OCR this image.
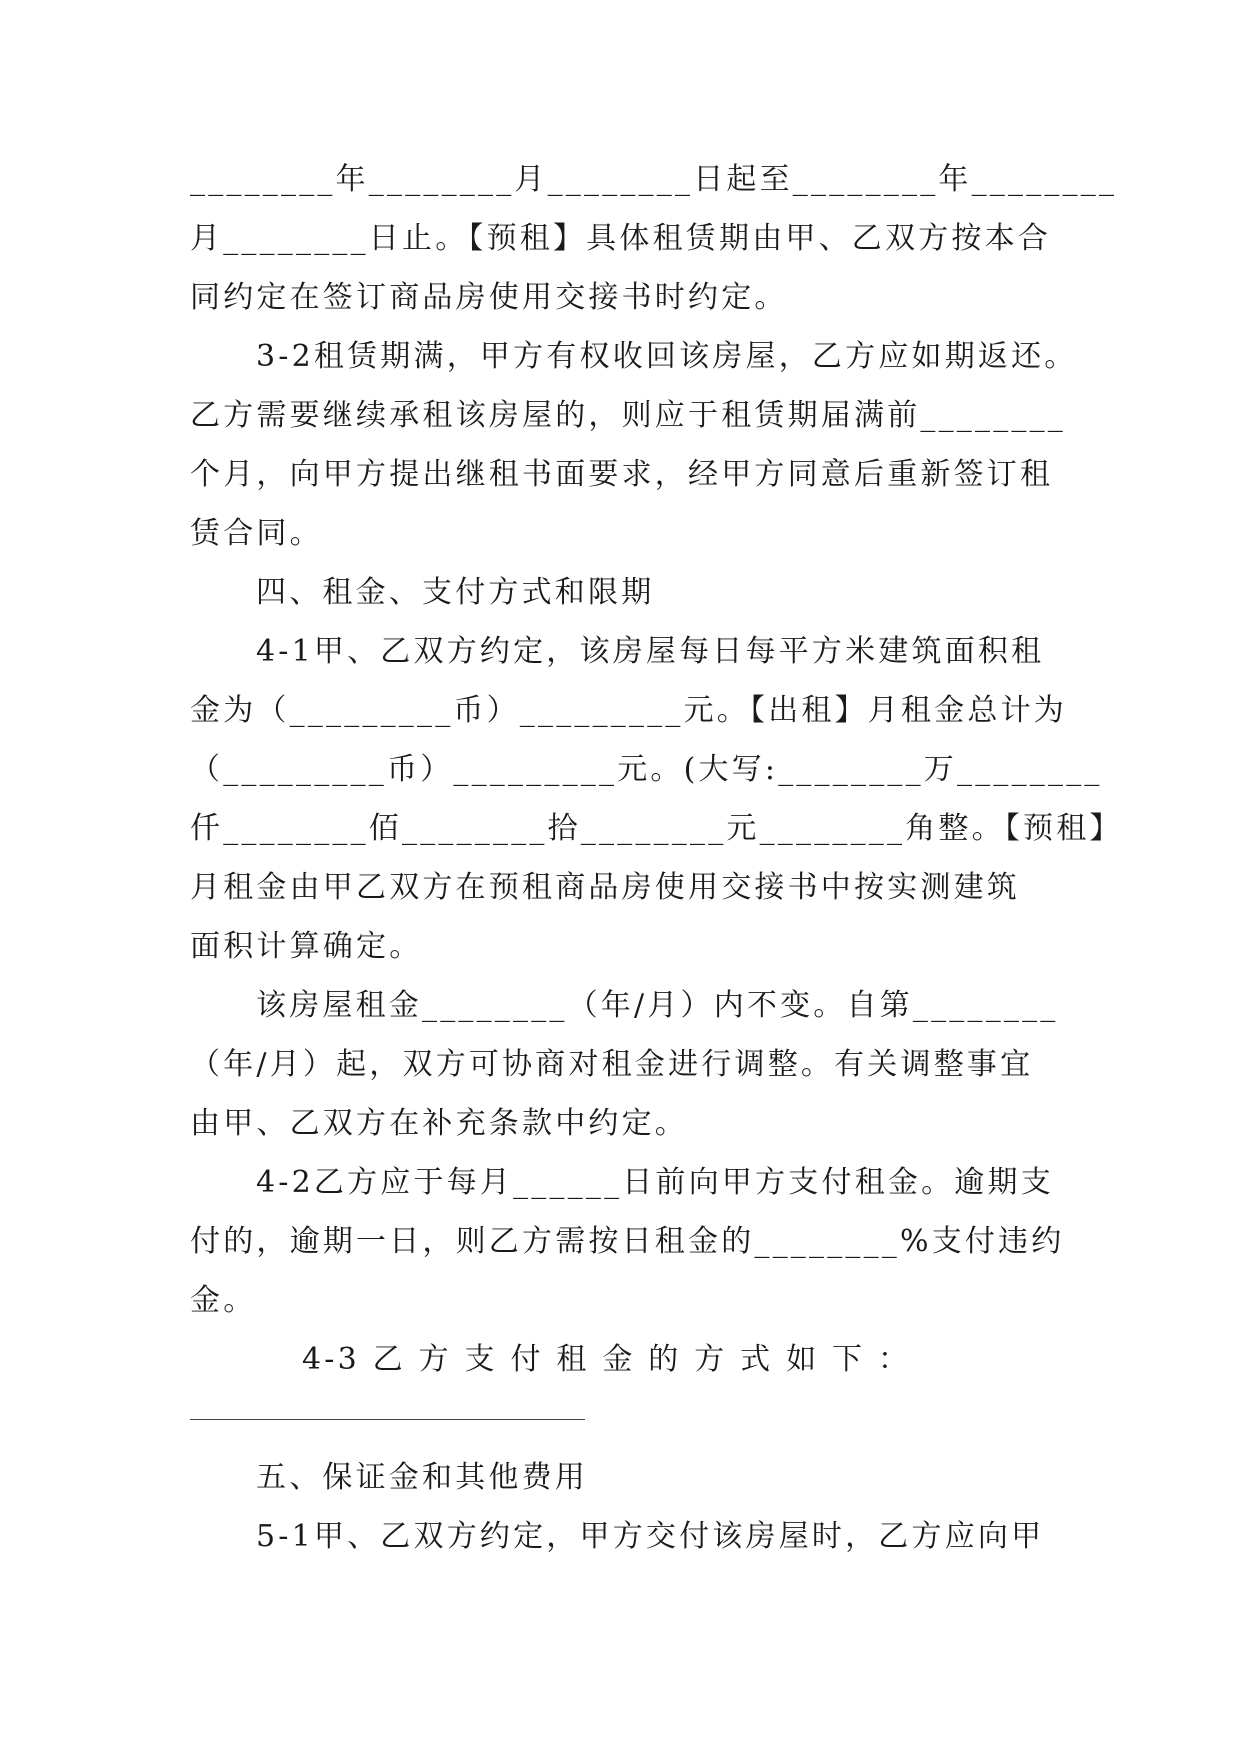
________年________月________日起至________年________
月________日止。【预租】具体租赁期由甲、乙双方按本合
同约定在签订商品房使用交接书时约定。
3-2租赁期满，甲方有权收回该房屋，乙方应如期返还。
乙方需要继续承租该房屋的，则应于租赁期届满前________
个月，向甲方提出继租书面要求，经甲方同意后重新签订租
赁合同。
四、租金、支付方式和限期
4-1甲、乙双方约定，该房屋每日每平方米建筑面积租
金为（_________币）_________元。【出租】月租金总计为
（_________币）_________元。(大写:________万________
仟________佰________拾________元________角整。【预租】
月租金由甲乙双方在预租商品房使用交接书中按实测建筑
面积计算确定。
该房屋租金________（年/月）内不变。自第________
（年/月）起，双方可协商对租金进行调整。有关调整事宜
由甲、乙双方在补充条款中约定。
4-2乙方应于每月______日前向甲方支付租金。逾期支
付的，逾期一日，则乙方需按日租金的________%支付违约
金。
4-3 乙 方 支 付 租 金 的 方 式 如 下 ：
五、保证金和其他费用
5-1甲、乙双方约定，甲方交付该房屋时，乙方应向甲
